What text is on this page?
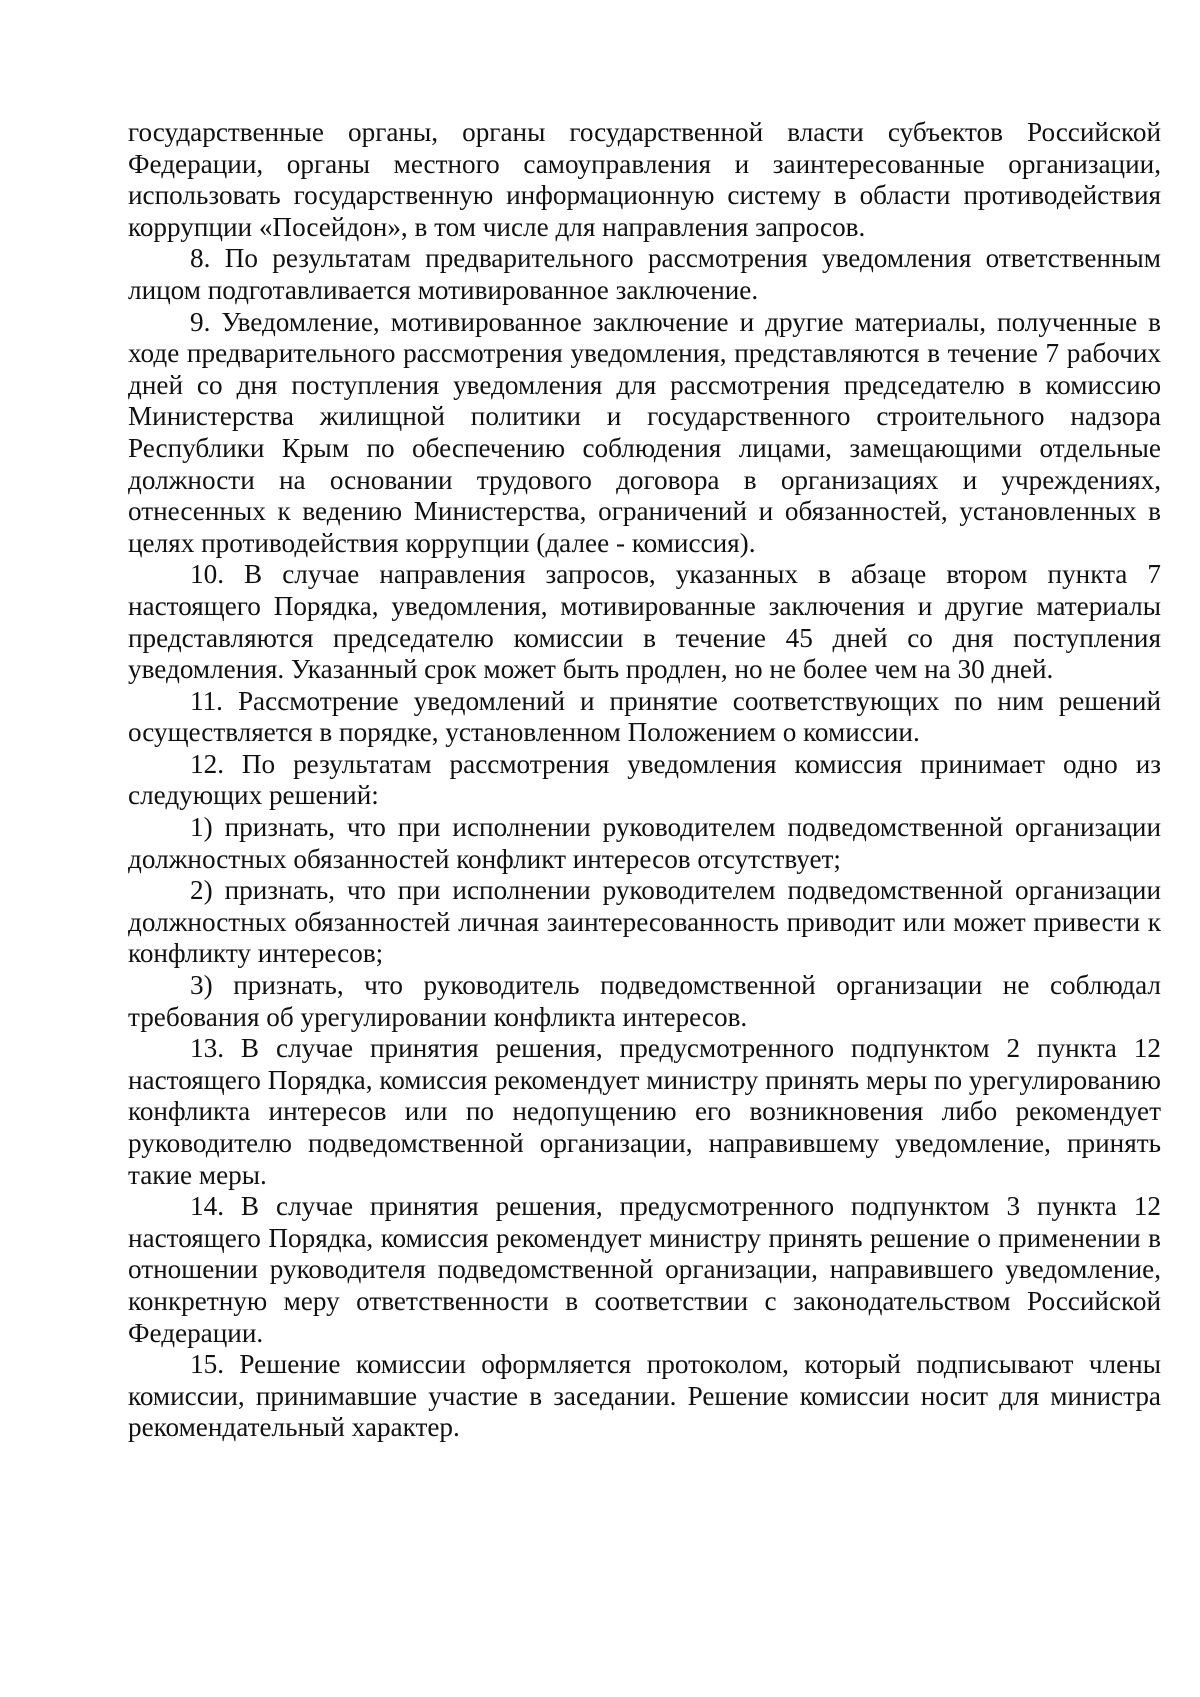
государственные органы, органы государственной власти субъектов Российской Федерации, органы местного самоуправления и заинтересованные организации, использовать государственную информационную систему в области противодействия коррупции «Посейдон», в том числе для направления запросов.

8. По результатам предварительного рассмотрения уведомления ответственным лицом подготавливается мотивированное заключение.

9. Уведомление, мотивированное заключение и другие материалы, полученные в ходе предварительного рассмотрения уведомления, представляются в течение 7 рабочих дней со дня поступления уведомления для рассмотрения председателю в комиссию Министерства жилищной политики и государственного строительного надзора Республики Крым по обеспечению соблюдения лицами, замещающими отдельные должности на основании трудового договора в организациях и учреждениях, отнесенных к ведению Министерства, ограничений и обязанностей, установленных в целях противодействия коррупции (далее - комиссия).

10. В случае направления запросов, указанных в абзаце втором пункта 7 настоящего Порядка, уведомления, мотивированные заключения и другие материалы представляются председателю комиссии в течение 45 дней со дня поступления уведомления. Указанный срок может быть продлен, но не более чем на 30 дней.

11. Рассмотрение уведомлений и принятие соответствующих по ним решений осуществляется в порядке, установленном Положением о комиссии.

12. По результатам рассмотрения уведомления комиссия принимает одно из следующих решений:

1) признать, что при исполнении руководителем подведомственной организации должностных обязанностей конфликт интересов отсутствует;

2) признать, что при исполнении руководителем подведомственной организации должностных обязанностей личная заинтересованность приводит или может привести к конфликту интересов;

3) признать, что руководитель подведомственной организации не соблюдал требования об урегулировании конфликта интересов.

13. В случае принятия решения, предусмотренного подпунктом 2 пункта 12 настоящего Порядка, комиссия рекомендует министру принять меры по урегулированию конфликта интересов или по недопущению его возникновения либо рекомендует руководителю подведомственной организации, направившему уведомление, принять такие меры.

14. В случае принятия решения, предусмотренного подпунктом 3 пункта 12 настоящего Порядка, комиссия рекомендует министру принять решение о применении в отношении руководителя подведомственной организации, направившего уведомление, конкретную меру ответственности в соответствии с законодательством Российской Федерации.

15. Решение комиссии оформляется протоколом, который подписывают члены комиссии, принимавшие участие в заседании. Решение комиссии носит для министра рекомендательный характер.
